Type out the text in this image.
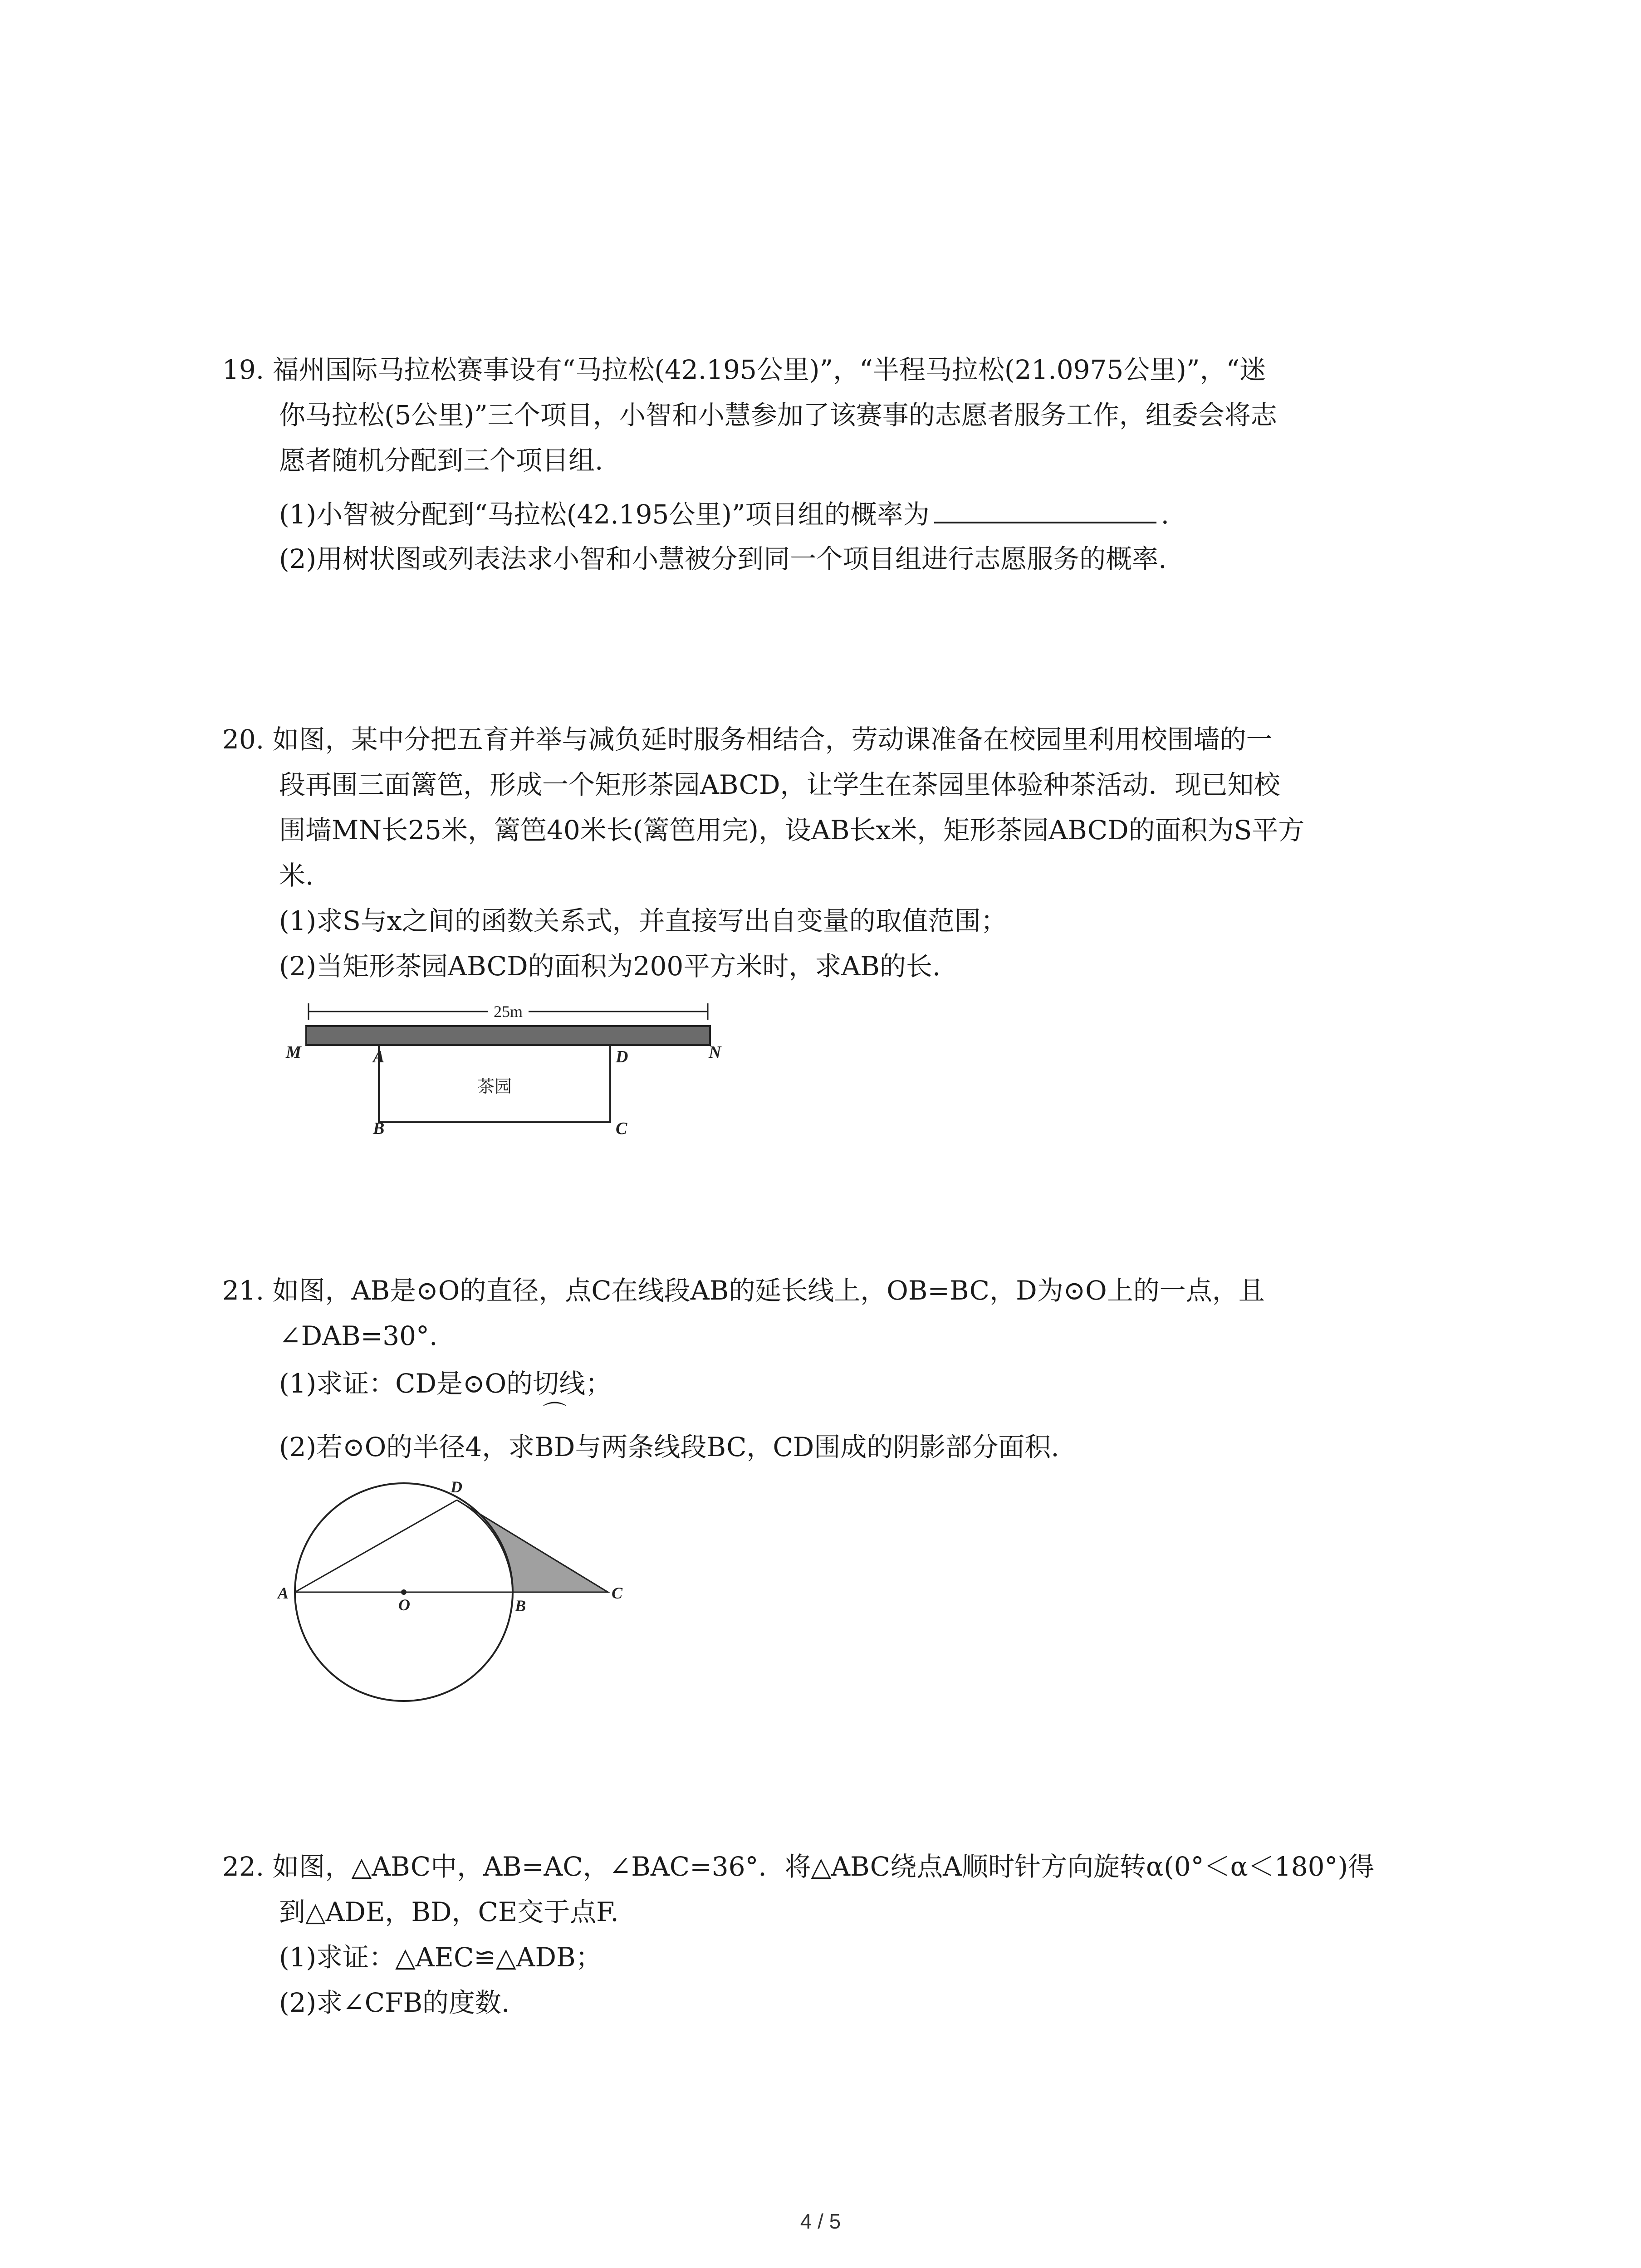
19. 福州国际马拉松赛事设有“马拉松(42.195公里)”，“半程马拉松(21.0975公里)”，“迷
你马拉松(5公里)”三个项目，小智和小慧参加了该赛事的志愿者服务工作，组委会将志
愿者随机分配到三个项目组.
(1)小智被分配到“马拉松(42.195公里)”项目组的概率为	.
(2)用树状图或列表法求小智和小慧被分到同一个项目组进行志愿服务的概率.
20. 如图，某中分把五育并举与减负延时服务相结合，劳动课准备在校园里利用校围墙的一
段再围三面篱笆，形成一个矩形茶园ABCD，让学生在茶园里体验种茶活动．现已知校
围墙MN长25米，篱笆40米长(篱笆用完)，设AB长x米，矩形茶园ABCD的面积为S平方
米.
(1)求S与x之间的函数关系式，并直接写出自变量的取值范围；
(2)当矩形茶园ABCD的面积为200平方米时，求AB的长.
25m
茶园
M	A	D	N
B	C
21. 如图，AB是⊙O的直径，点C在线段AB的延长线上，OB=BC，D为⊙O上的一点，且
∠DAB=30°.
(1)求证：CD是⊙O的切线；
(2)若⊙O的半径4，求⌒ BD与两条线段BC，CD围成的阴影部分面积.
A
O	B
C
D
22. 如图，△ABC中，AB=AC，∠BAC=36°．将△ABC绕点A顺时针方向旋转α(0°＜α＜180°)得
到△ADE，BD，CE交于点F.
(1)求证：△AEC≌△ADB；
(2)求∠CFB的度数.
4 / 5
